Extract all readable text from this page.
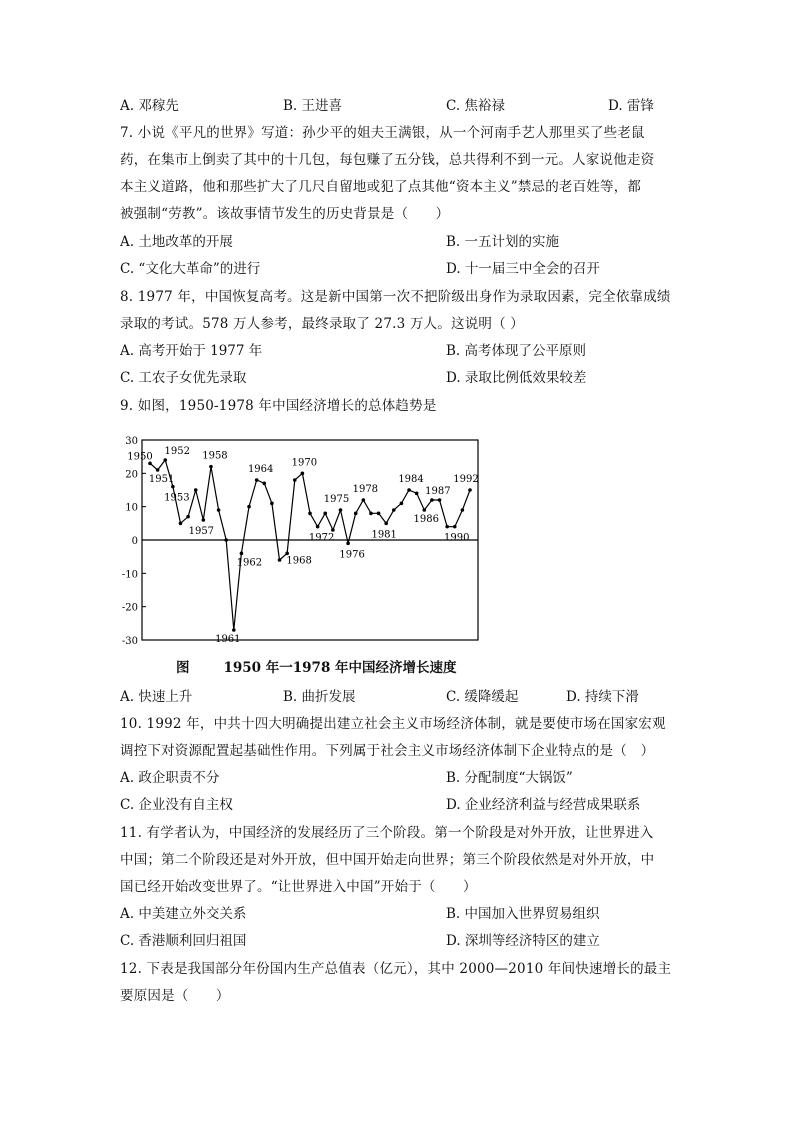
A. 邓稼先	B. 王进喜	C. 焦裕禄	D. 雷锋
7. 小说《平凡的世界》写道：孙少平的姐夫王满银，从一个河南手艺人那里买了些老鼠
药，在集市上倒卖了其中的十几包，每包赚了五分钱，总共得利不到一元。人家说他走资
本主义道路，他和那些扩大了几尺自留地或犯了点其他“资本主义”禁忌的老百姓等，都
被强制“劳教”。该故事情节发生的历史背景是（　　）
A. 土地改革的开展	B. 一五计划的实施
C. “文化大革命”的进行	D. 十一届三中全会的召开
8. 1977 年，中国恢复高考。这是新中国第一次不把阶级出身作为录取因素，完全依靠成绩
录取的考试。578 万人参考，最终录取了 27.3 万人。这说明（ ）
A. 高考开始于 1977 年	B. 高考体现了公平原则
C. 工农子女优先录取	D. 录取比例低效果较差
9. 如图，1950-1978 年中国经济增长的总体趋势是
30
20
10
0
-10
-20
-30
1950
1951
1952
1953
1957
1958
1961
1962
1964
1968
1970
1972
1975
1976
1978
1981
1984
1986
1987
1990
1992
图	1950 年一1978 年中国经济增长速度
A. 快速上升	B. 曲折发展	C. 缓降缓起	D. 持续下滑
10. 1992 年，中共十四大明确提出建立社会主义市场经济体制，就是要使市场在国家宏观
调控下对资源配置起基础性作用。下列属于社会主义市场经济体制下企业特点的是（　）
A. 政企职责不分	B. 分配制度“大锅饭”
C. 企业没有自主权	D. 企业经济利益与经营成果联系
11. 有学者认为，中国经济的发展经历了三个阶段。第一个阶段是对外开放，让世界进入
中国；第二个阶段还是对外开放，但中国开始走向世界；第三个阶段依然是对外开放，中
国已经开始改变世界了。“让世界进入中国”开始于（　　）
A. 中美建立外交关系	B. 中国加入世界贸易组织
C. 香港顺利回归祖国	D. 深圳等经济特区的建立
12. 下表是我国部分年份国内生产总值表（亿元），其中 2000—2010 年间快速增长的最主
要原因是（　　）
